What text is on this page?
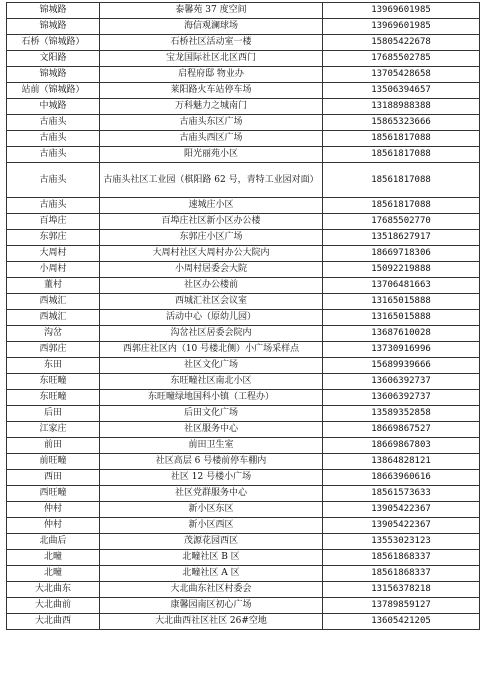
锦城路	泰馨苑 37 度空间	13969601985
锦城路	海信观澜球场	13969601985
石桥（锦城路）	石桥社区活动室一楼	15805422678
文阳路	宝龙国际社区北区西门	17685502785
锦城路	启程府邸 物业办	13705428658
站前（锦城路）	莱阳路火车站停车场	13506394657
中城路	万科魅力之城南门	13188988388
古庙头	古庙头东区广场	15865323666
古庙头	古庙头西区广场	18561817088
古庙头	阳光丽苑小区	18561817088
古庙头	古庙头社区工业园（棋阳路 62 号，青特工业园对面）	18561817088
古庙头	速城庄小区	18561817088
百埠庄	百埠庄社区新小区办公楼	17685502770
东郭庄	东郭庄小区广场	13518627917
大周村	大周村社区大周村办公大院内	18669718306
小周村	小周村居委会大院	15092219888
董村	社区办公楼前	13706481663
西城汇	西城汇社区会议室	13165015888
西城汇	活动中心（原幼儿园）	13165015888
沟岔	沟岔社区居委会院内	13687610028
西郭庄	西郭庄社区内（10 号楼北侧）小广场采样点	13730916996
东田	社区文化广场	15689939666
东旺疃	东旺疃社区南北小区	13606392737
东旺疃	东旺疃绿地国科小镇（工程办）	13606392737
后田	后田文化广场	13589352858
江家庄	社区服务中心	18669867527
前田	前田卫生室	18669867803
前旺疃	社区高层 6 号楼前停车棚内	13864828121
西田	社区 12 号楼小广场	18663960616
西旺疃	社区党群服务中心	18561573633
仲村	新小区东区	13905422367
仲村	新小区西区	13905422367
北曲后	茂源花园西区	13553023123
北疃	北疃社区 B 区	18561868337
北疃	北疃社区 A 区	18561868337
大北曲东	大北曲东社区村委会	13156378218
大北曲前	康馨园南区初心广场	13789859127
大北曲西	大北曲西社区社区 26#空地	13605421205
